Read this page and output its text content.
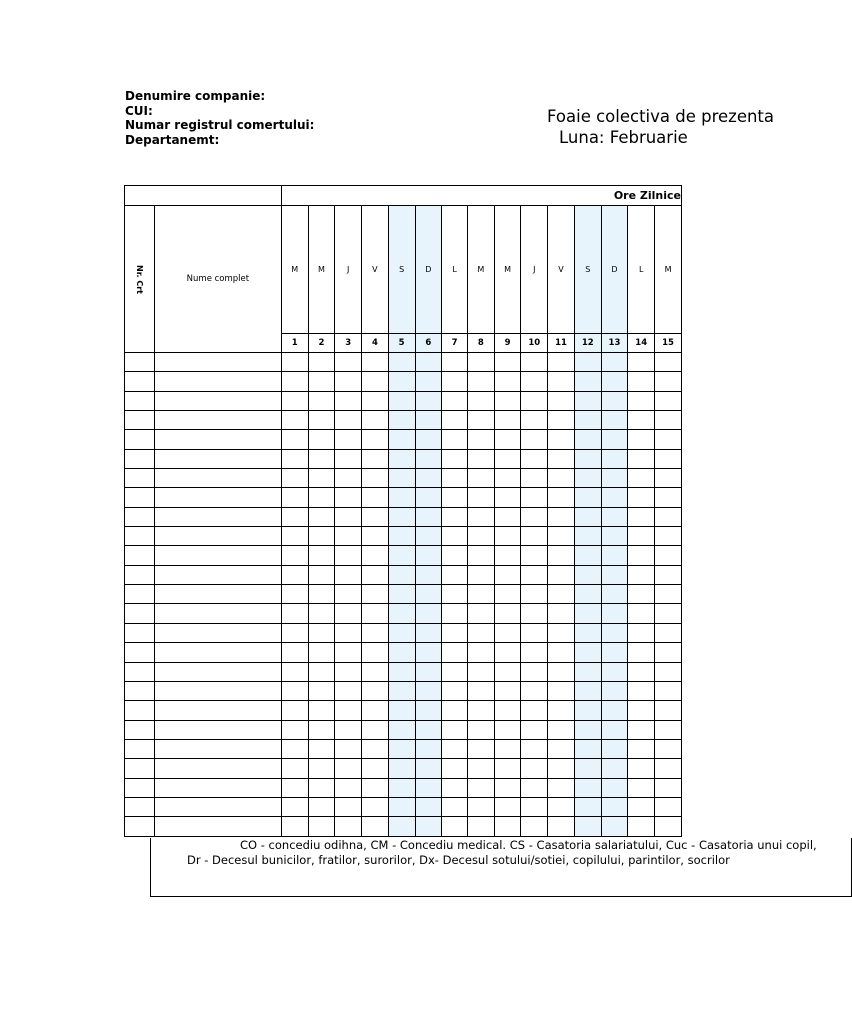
Denumire companie:
CUI:
Numar registrul comertului:
Departanemt:
Foaie colectiva de prezenta
Luna: Februarie
		Ore Zilnice														
Nr. Crt	Nume complet	M	M	J	V	S	D	L	M	M	J	V	S	D	L	M
		1	2	3	4	5	6	7	8	9	10	11	12	13	14	15

CO - concediu odihna, CM - Concediu medical. CS - Casatoria salariatului, Cuc - Casatoria unui copil,
Dr - Decesul bunicilor, fratilor, surorilor, Dx- Decesul sotului/sotiei, copilului, parintilor, socrilor
